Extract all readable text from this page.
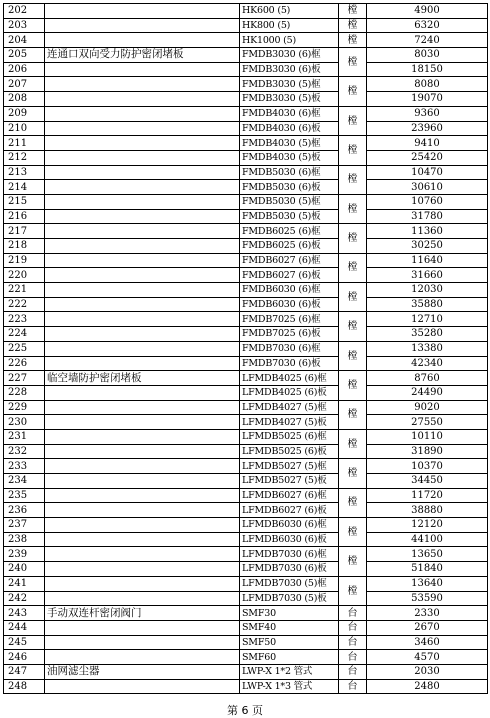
202		HK600 (5)	樘	4900
203		HK800 (5)	樘	6320
204		HK1000 (5)	樘	7240
205	连通口双向受力防护密闭堵板	FMDB3030 (6)框	樘	8030
206		FMDB3030 (6)板		18150
207		FMDB3030 (5)框	樘	8080
208		FMDB3030 (5)板		19070
209		FMDB4030 (6)框	樘	9360
210		FMDB4030 (6)板		23960
211		FMDB4030 (5)框	樘	9410
212		FMDB4030 (5)板		25420
213		FMDB5030 (6)框	樘	10470
214		FMDB5030 (6)板		30610
215		FMDB5030 (5)框	樘	10760
216		FMDB5030 (5)板		31780
217		FMDB6025 (6)框	樘	11360
218		FMDB6025 (6)板		30250
219		FMDB6027 (6)框	樘	11640
220		FMDB6027 (6)板		31660
221		FMDB6030 (6)框	樘	12030
222		FMDB6030 (6)板		35880
223		FMDB7025 (6)框	樘	12710
224		FMDB7025 (6)板		35280
225		FMDB7030 (6)框	樘	13380
226		FMDB7030 (6)板		42340
227	临空墙防护密闭堵板	LFMDB4025 (6)框	樘	8760
228		LFMDB4025 (6)板		24490
229		LFMDB4027 (5)框	樘	9020
230		LFMDB4027 (5)板		27550
231		LFMDB5025 (6)框	樘	10110
232		LFMDB5025 (6)板		31890
233		LFMDB5027 (5)框	樘	10370
234		LFMDB5027 (5)板		34450
235		LFMDB6027 (6)框	樘	11720
236		LFMDB6027 (6)板		38880
237		LFMDB6030 (6)框	樘	12120
238		LFMDB6030 (6)板		44100
239		LFMDB7030 (6)框	樘	13650
240		LFMDB7030 (6)板		51840
241		LFMDB7030 (5)框	樘	13640
242		LFMDB7030 (5)板		53590
243	手动双连杆密闭阀门	SMF30	台	2330
244		SMF40	台	2670
245		SMF50	台	3460
246		SMF60	台	4570
247	油网滤尘器	LWP-X 1*2 管式	台	2030
248		LWP-X 1*3 管式	台	2480
第 6 页
